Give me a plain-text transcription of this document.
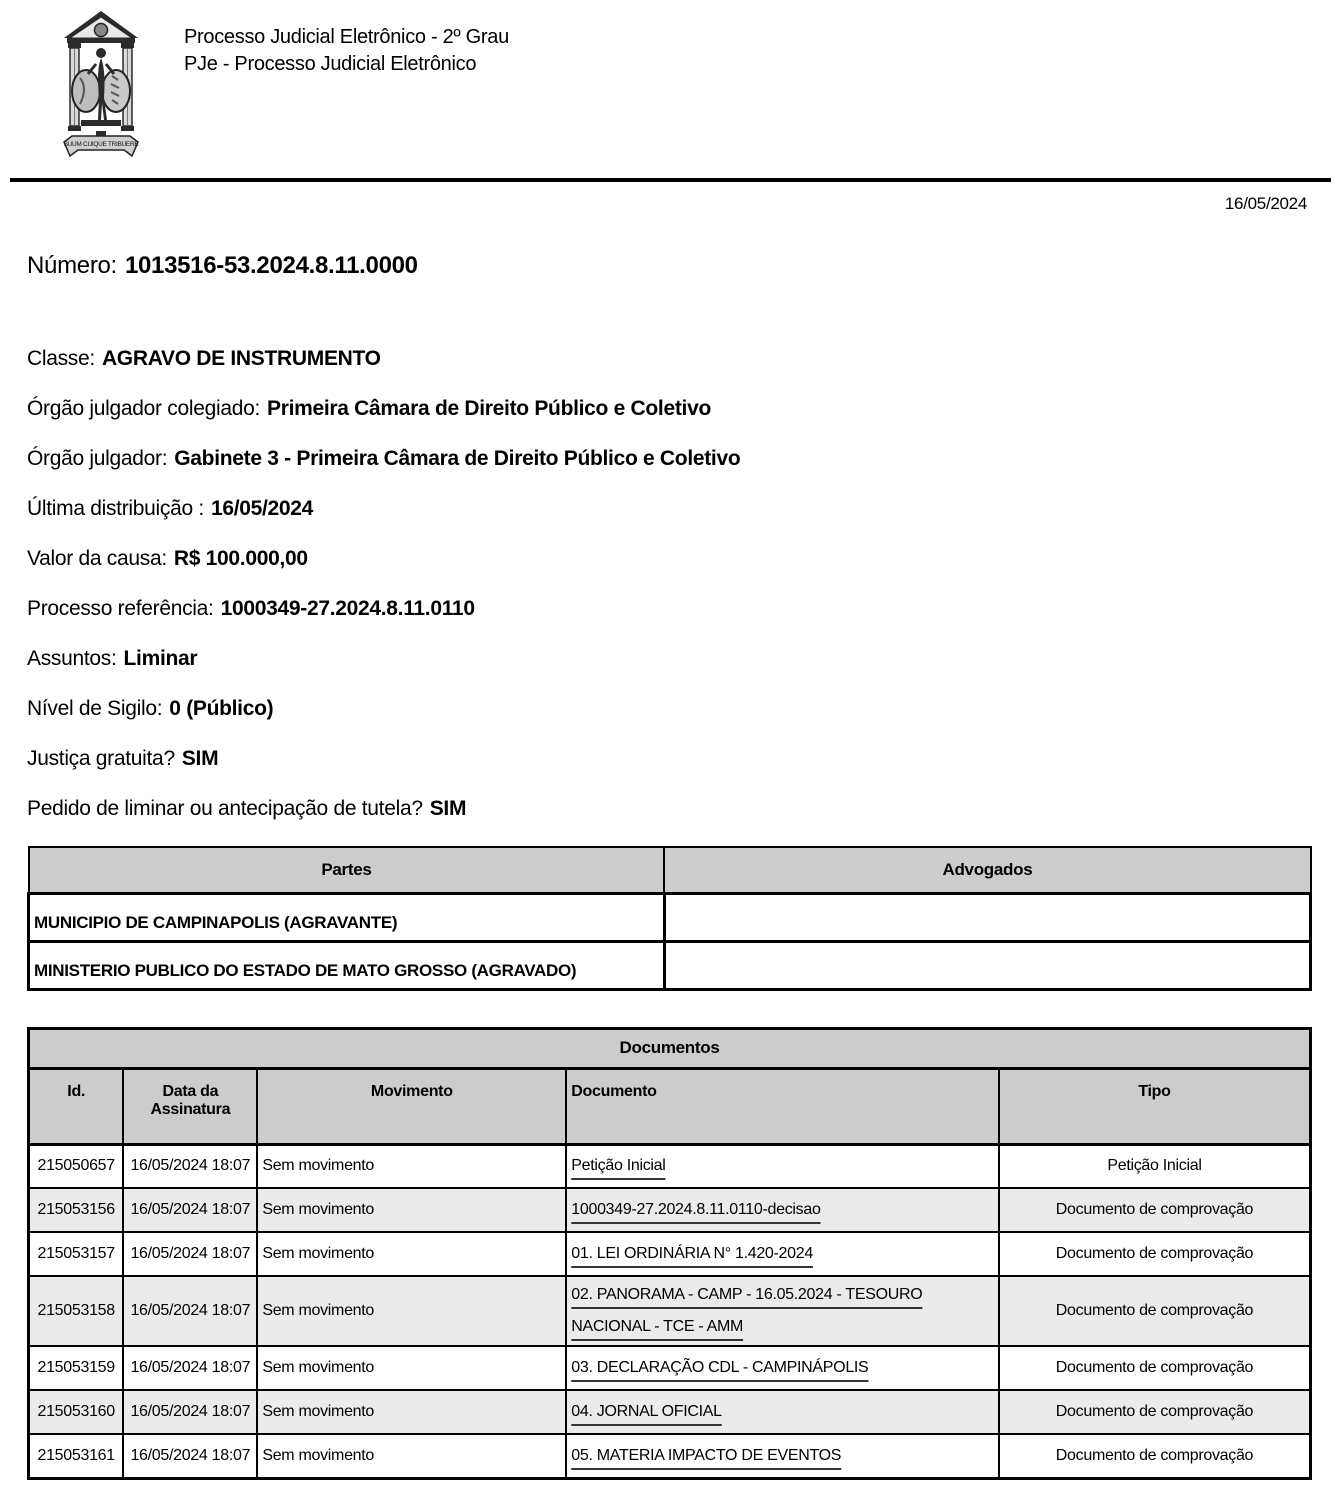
SUUM CUIQUE TRIBUERE
Processo Judicial Eletrônico - 2º Grau
PJe - Processo Judicial Eletrônico
16/05/2024
Número: 1013516-53.2024.8.11.0000
Classe: AGRAVO DE INSTRUMENTO
Órgão julgador colegiado: Primeira Câmara de Direito Público e Coletivo
Órgão julgador: Gabinete 3 - Primeira Câmara de Direito Público e Coletivo
Última distribuição : 16/05/2024
Valor da causa: R$ 100.000,00
Processo referência: 1000349-27.2024.8.11.0110
Assuntos: Liminar
Nível de Sigilo: 0 (Público)
Justiça gratuita? SIM
Pedido de liminar ou antecipação de tutela? SIM
Partes	Advogados
MUNICIPIO DE CAMPINAPOLIS (AGRAVANTE)	
MINISTERIO PUBLICO DO ESTADO DE MATO GROSSO (AGRAVADO)	
Documentos				
Id.	Data da Assinatura	Movimento	Documento	Tipo
215050657	16/05/2024 18:07	Sem movimento	Petição Inicial	Petição Inicial
215053156	16/05/2024 18:07	Sem movimento	1000349-27.2024.8.11.0110-decisao	Documento de comprovação
215053157	16/05/2024 18:07	Sem movimento	01. LEI ORDINÁRIA N° 1.420-2024	Documento de comprovação
215053158	16/05/2024 18:07	Sem movimento	02. PANORAMA - CAMP - 16.05.2024 - TESOURO NACIONAL - TCE - AMM	Documento de comprovação
215053159	16/05/2024 18:07	Sem movimento	03. DECLARAÇÃO CDL - CAMPINÁPOLIS	Documento de comprovação
215053160	16/05/2024 18:07	Sem movimento	04. JORNAL OFICIAL	Documento de comprovação
215053161	16/05/2024 18:07	Sem movimento	05. MATERIA IMPACTO DE EVENTOS	Documento de comprovação
